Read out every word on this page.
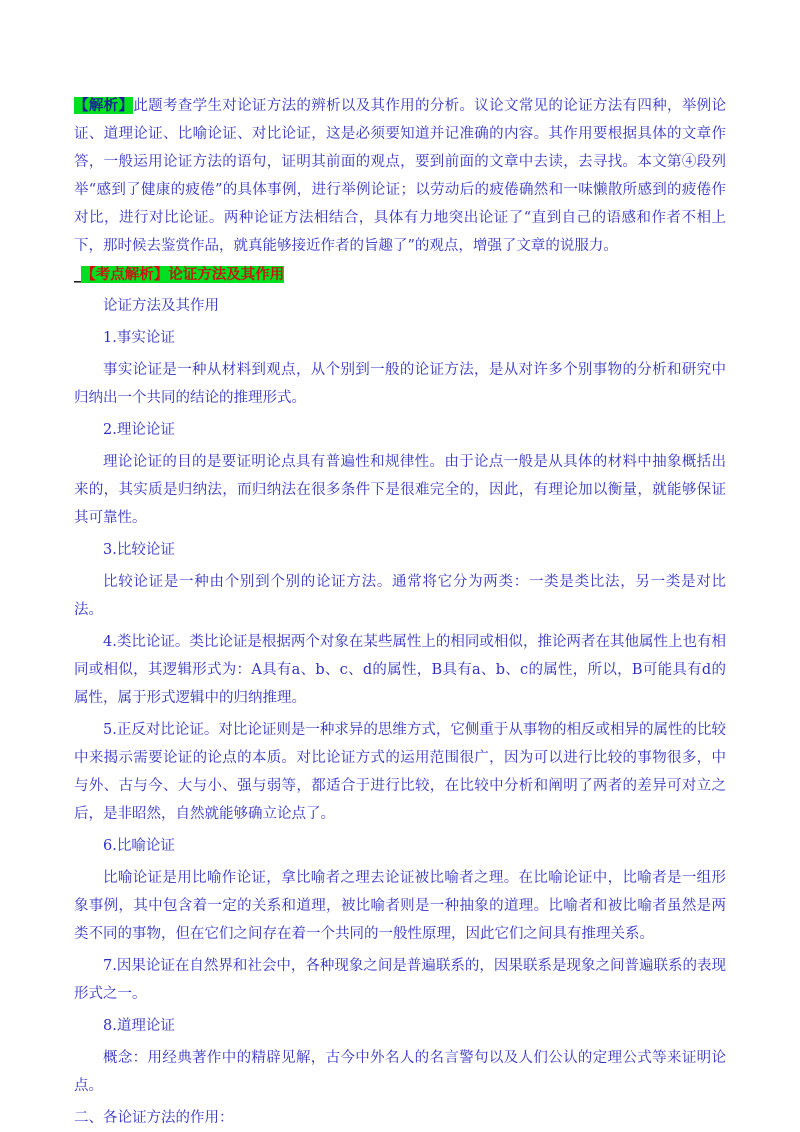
【解析】此题考查学生对论证方法的辨析以及其作用的分析。议论文常见的论证方法有四种，举例论证、道理论证、比喻论证、对比论证，这是必须要知道并记准确的内容。其作用要根据具体的文章作答，一般运用论证方法的语句，证明其前面的观点，要到前面的文章中去读，去寻找。本文第④段列举“感到了健康的疲倦”的具体事例，进行举例论证；以劳动后的疲倦确然和一味懒散所感到的疲倦作对比，进行对比论证。两种论证方法相结合，具体有力地突出论证了“直到自己的语感和作者不相上下，那时候去鉴赏作品，就真能够接近作者的旨趣了”的观点，增强了文章的说服力。

_【考点解析】论证方法及其作用

论证方法及其作用

1.事实论证

事实论证是一种从材料到观点，从个别到一般的论证方法，是从对许多个别事物的分析和研究中归纳出一个共同的结论的推理形式。

2.理论论证

理论论证的目的是要证明论点具有普遍性和规律性。由于论点一般是从具体的材料中抽象概括出来的，其实质是归纳法，而归纳法在很多条件下是很难完全的，因此，有理论加以衡量，就能够保证其可靠性。

3.比较论证

比较论证是一种由个别到个别的论证方法。通常将它分为两类：一类是类比法，另一类是对比法。

4.类比论证。类比论证是根据两个对象在某些属性上的相同或相似，推论两者在其他属性上也有相同或相似，其逻辑形式为：A具有a、b、c、d的属性，B具有a、b、c的属性，所以，B可能具有d的属性，属于形式逻辑中的归纳推理。

5.正反对比论证。对比论证则是一种求异的思维方式，它侧重于从事物的相反或相异的属性的比较中来揭示需要论证的论点的本质。对比论证方式的运用范围很广，因为可以进行比较的事物很多，中与外、古与今、大与小、强与弱等，都适合于进行比较，在比较中分析和阐明了两者的差异可对立之后，是非昭然，自然就能够确立论点了。

6.比喻论证

比喻论证是用比喻作论证，拿比喻者之理去论证被比喻者之理。在比喻论证中，比喻者是一组形象事例，其中包含着一定的关系和道理，被比喻者则是一种抽象的道理。比喻者和被比喻者虽然是两类不同的事物，但在它们之间存在着一个共同的一般性原理，因此它们之间具有推理关系。

7.因果论证在自然界和社会中，各种现象之间是普遍联系的，因果联系是现象之间普遍联系的表现形式之一。

8.道理论证

概念：用经典著作中的精辟见解，古今中外名人的名言警句以及人们公认的定理公式等来证明论点。

二、各论证方法的作用：
